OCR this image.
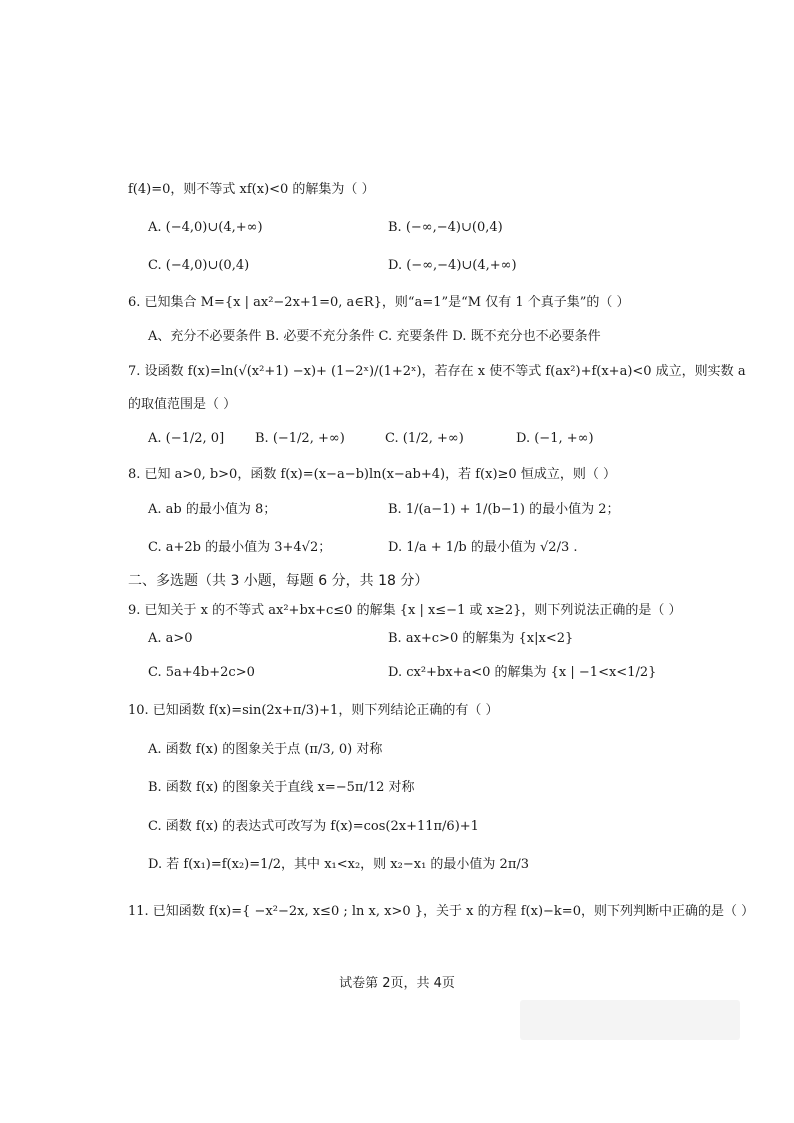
f(4)=0，则不等式 xf(x)<0 的解集为（ ）
A. (−4,0)∪(4,+∞)	B. (−∞,−4)∪(0,4)
C. (−4,0)∪(0,4)	D. (−∞,−4)∪(4,+∞)
6. 已知集合 M={x | ax²−2x+1=0, a∈R}，则“a=1”是“M 仅有 1 个真子集”的（ ）
A、充分不必要条件 B. 必要不充分条件 C. 充要条件 D. 既不充分也不必要条件
7. 设函数 f(x)=ln(√(x²+1) −x)+ (1−2ˣ)/(1+2ˣ)，若存在 x 使不等式 f(ax²)+f(x+a)<0 成立，则实数 a
的取值范围是（ ）
A. (−1/2, 0] B. (−1/2, +∞)	C. (1/2, +∞)	D. (−1, +∞)
8. 已知 a>0, b>0，函数 f(x)=(x−a−b)ln(x−ab+4)，若 f(x)≥0 恒成立，则（ ）
A. ab 的最小值为 8；	B. 1/(a−1) + 1/(b−1) 的最小值为 2；
C. a+2b 的最小值为 3+4√2；	D. 1/a + 1/b 的最小值为 √2/3 .
二、多选题（共 3 小题，每题 6 分，共 18 分）
9. 已知关于 x 的不等式 ax²+bx+c≤0 的解集 {x | x≤−1 或 x≥2}，则下列说法正确的是（ ）
A. a>0	B. ax+c>0 的解集为 {x|x<2}
C. 5a+4b+2c>0	D. cx²+bx+a<0 的解集为 {x | −1<x<1/2}
10. 已知函数 f(x)=sin(2x+π/3)+1，则下列结论正确的有（ ）
A. 函数 f(x) 的图象关于点 (π/3, 0) 对称
B. 函数 f(x) 的图象关于直线 x=−5π/12 对称
C. 函数 f(x) 的表达式可改写为 f(x)=cos(2x+11π/6)+1
D. 若 f(x₁)=f(x₂)=1/2，其中 x₁<x₂，则 x₂−x₁ 的最小值为 2π/3
11. 已知函数 f(x)={ −x²−2x, x≤0 ; ln x, x>0 }，关于 x 的方程 f(x)−k=0，则下列判断中正确的是（ ）
试卷第 2页，共 4页
